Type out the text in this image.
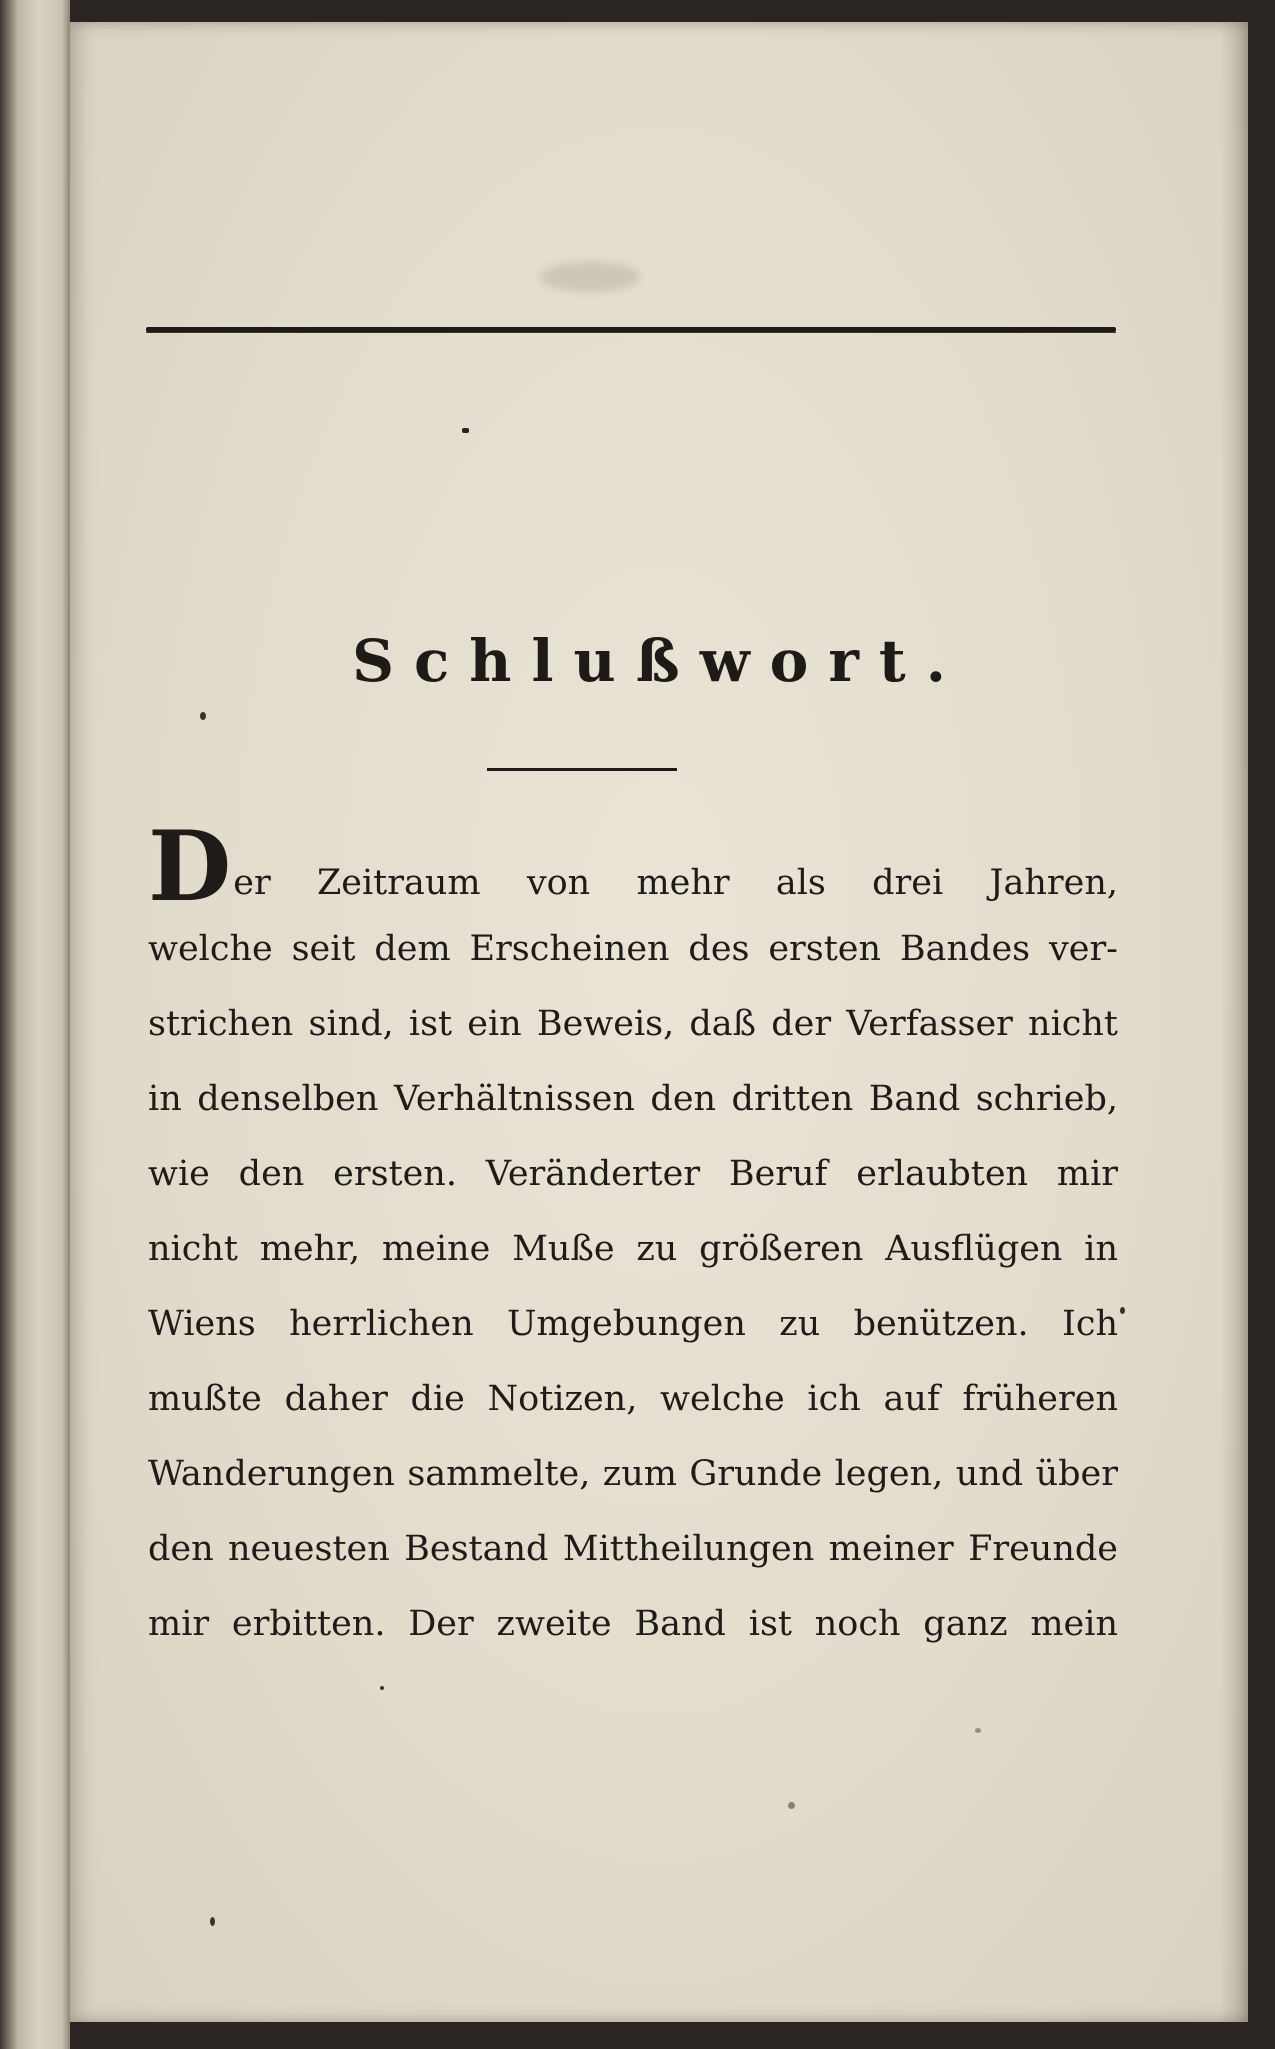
Schlußwort.
Der Zeitraum von mehr als drei Jahren,
welche seit dem Erscheinen des ersten Bandes ver-
strichen sind, ist ein Beweis, daß der Verfasser nicht
in denselben Verhältnissen den dritten Band schrieb,
wie den ersten. Veränderter Beruf erlaubten mir
nicht mehr, meine Muße zu größeren Ausflügen in
Wiens herrlichen Umgebungen zu benützen. Ich
mußte daher die Notizen, welche ich auf früheren
Wanderungen sammelte, zum Grunde legen, und über
den neuesten Bestand Mittheilungen meiner Freunde
mir erbitten. Der zweite Band ist noch ganz mein
